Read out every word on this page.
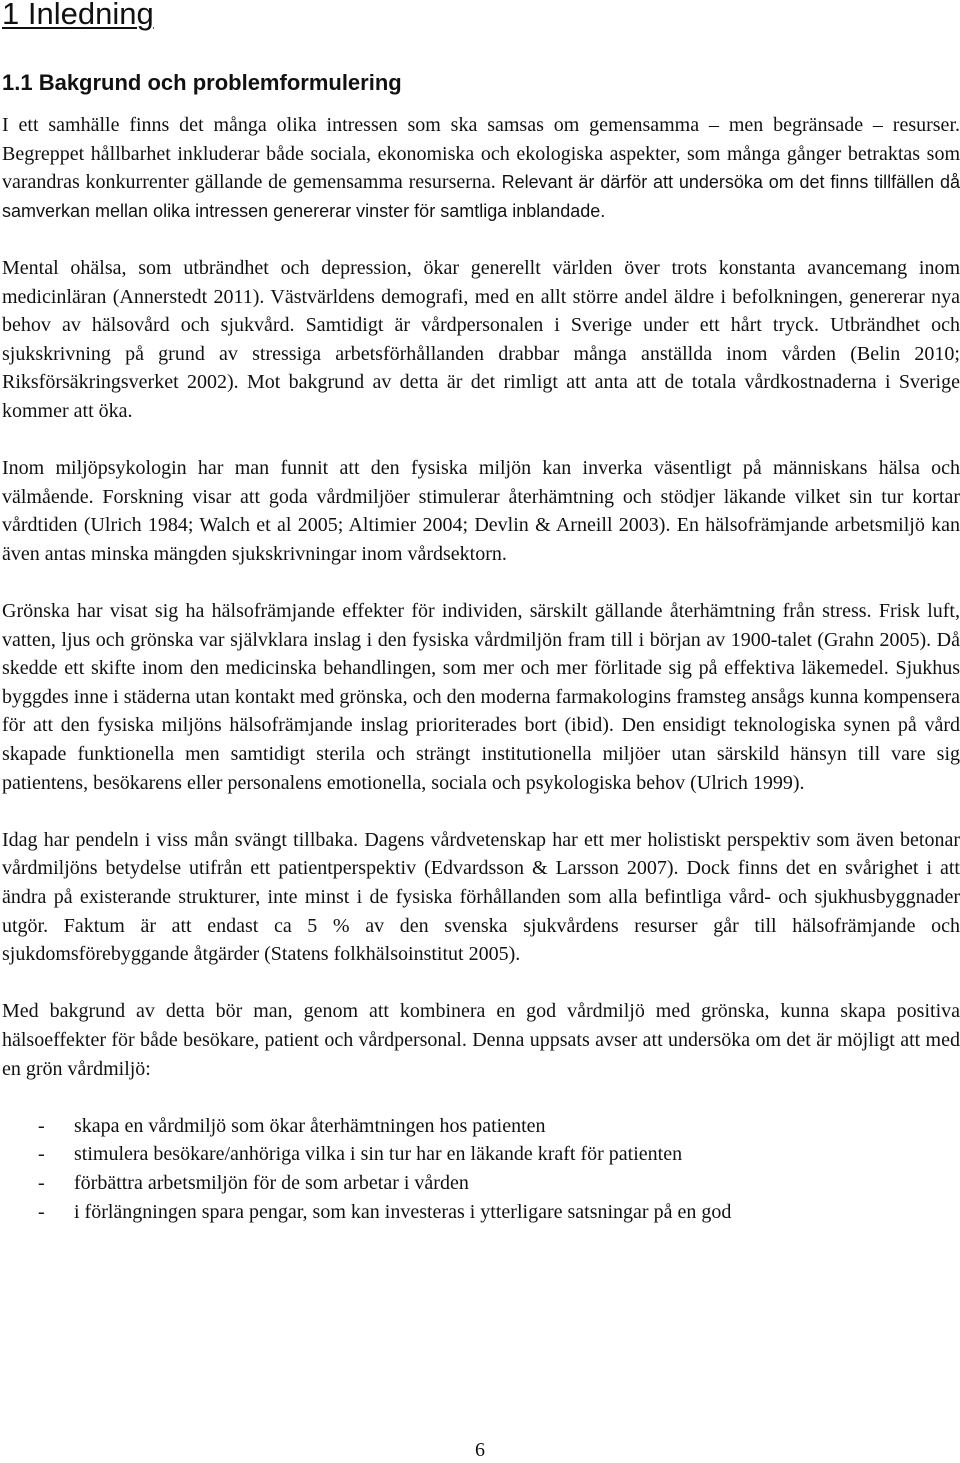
1 Inledning
1.1 Bakgrund och problemformulering

I ett samhälle finns det många olika intressen som ska samsas om gemensamma – men begränsade – resurser. Begreppet hållbarhet inkluderar både sociala, ekonomiska och ekologiska aspekter, som många gånger betraktas som varandras konkurrenter gällande de gemensamma resurserna. Relevant är därför att undersöka om det finns tillfällen då samverkan mellan olika intressen genererar vinster för samtliga inblandade.

Mental ohälsa, som utbrändhet och depression, ökar generellt världen över trots konstanta avancemang inom medicinläran (Annerstedt 2011). Västvärldens demografi, med en allt större andel äldre i befolkningen, genererar nya behov av hälsovård och sjukvård. Samtidigt är vårdpersonalen i Sverige under ett hårt tryck. Utbrändhet och sjukskrivning på grund av stressiga arbetsförhållanden drabbar många anställda inom vården (Belin 2010; Riksförsäkringsverket 2002). Mot bakgrund av detta är det rimligt att anta att de totala vårdkostnaderna i Sverige kommer att öka.

Inom miljöpsykologin har man funnit att den fysiska miljön kan inverka väsentligt på människans hälsa och välmående. Forskning visar att goda vårdmiljöer stimulerar återhämtning och stödjer läkande vilket sin tur kortar vårdtiden (Ulrich 1984; Walch et al 2005; Altimier 2004; Devlin & Arneill 2003). En hälsofrämjande arbetsmiljö kan även antas minska mängden sjukskrivningar inom vårdsektorn.

Grönska har visat sig ha hälsofrämjande effekter för individen, särskilt gällande återhämtning från stress. Frisk luft, vatten, ljus och grönska var självklara inslag i den fysiska vårdmiljön fram till i början av 1900-talet (Grahn 2005). Då skedde ett skifte inom den medicinska behandlingen, som mer och mer förlitade sig på effektiva läkemedel. Sjukhus byggdes inne i städerna utan kontakt med grönska, och den moderna farmakologins framsteg ansågs kunna kompensera för att den fysiska miljöns hälsofrämjande inslag prioriterades bort (ibid). Den ensidigt teknologiska synen på vård skapade funktionella men samtidigt sterila och strängt institutionella miljöer utan särskild hänsyn till vare sig patientens, besökarens eller personalens emotionella, sociala och psykologiska behov (Ulrich 1999).

Idag har pendeln i viss mån svängt tillbaka. Dagens vårdvetenskap har ett mer holistiskt perspektiv som även betonar vårdmiljöns betydelse utifrån ett patientperspektiv (Edvardsson & Larsson 2007). Dock finns det en svårighet i att ändra på existerande strukturer, inte minst i de fysiska förhållanden som alla befintliga vård- och sjukhusbyggnader utgör. Faktum är att endast ca 5 % av den svenska sjukvårdens resurser går till hälsofrämjande och sjukdomsförebyggande åtgärder (Statens folkhälsoinstitut 2005).

Med bakgrund av detta bör man, genom att kombinera en god vårdmiljö med grönska, kunna skapa positiva hälsoeffekter för både besökare, patient och vårdpersonal. Denna uppsats avser att undersöka om det är möjligt att med en grön vårdmiljö:

- skapa en vårdmiljö som ökar återhämtningen hos patienten
- stimulera besökare/anhöriga vilka i sin tur har en läkande kraft för patienten
- förbättra arbetsmiljön för de som arbetar i vården
- i förlängningen spara pengar, som kan investeras i ytterligare satsningar på en god
6
